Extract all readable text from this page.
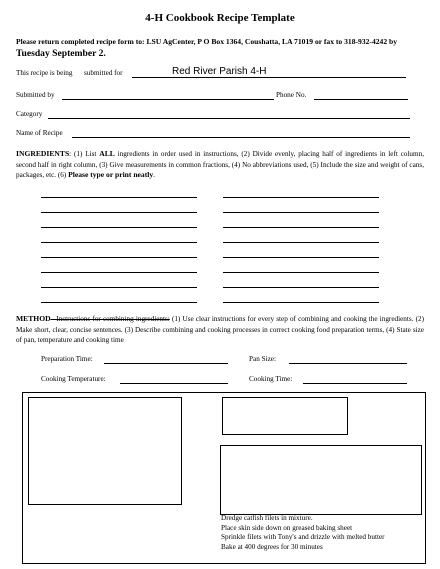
4-H Cookbook Recipe Template
Please return completed recipe form to: LSU AgCenter, P O Box 1364, Coushatta, LA 71019 or fax to 318-932-4242 by Tuesday September 2.
This recipe is being submitted for	Red River Parish 4-H
Submitted by	Phone No.
Category
Name of Recipe
INGREDIENTS: (1) List ALL ingredients in order used in instructions, (2) Divide evenly, placing half of ingredients in left column, second half in right column, (3) Give measurements in common fractions, (4) No abbreviations used, (5) Include the size and weight of cans, packages, etc. (6) Please type or print neatly.
METHOD– Instructions for combining ingredients: (1) Use clear instructions for every step of combining and cooking the ingredients. (2) Make short, clear, concise sentences. (3) Describe combining and cooking processes in correct cooking food preparation terms, (4) State size of pan, temperature and cooking time
Preparation Time:	Pan Size:
Cooking Temperature:	Cooking Time:
Dredge catfish filets in mixture.
Place skin side down on greased baking sheet
Sprinkle filets with Tony's and drizzle with melted butter
Bake at 400 degrees for 30 minutes
